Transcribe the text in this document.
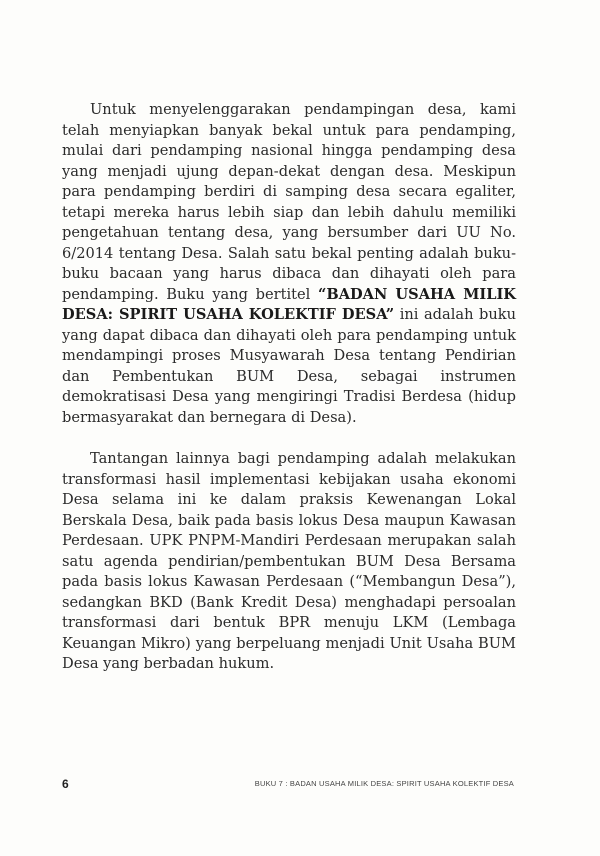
Untuk menyelenggarakan pendampingan desa, kami telah menyiapkan banyak bekal untuk para pendamping, mulai dari pendamping nasional hingga pendamping desa yang menjadi ujung depan-dekat dengan desa. Meskipun para pendamping berdiri di samping desa secara egaliter, tetapi mereka harus lebih siap dan lebih dahulu memiliki pengetahuan tentang desa, yang bersumber dari UU No. 6/2014 tentang Desa. Salah satu bekal penting adalah buku-buku bacaan yang harus dibaca dan dihayati oleh para pendamping. Buku yang bertitel “BADAN USAHA MILIK DESA: SPIRIT USAHA KOLEKTIF DESA” ini adalah buku yang dapat dibaca dan dihayati oleh para pendamping untuk mendampingi proses Musyawarah Desa tentang Pendirian dan Pembentukan BUM Desa, sebagai instrumen demokratisasi Desa yang mengiringi Tradisi Berdesa (hidup bermasyarakat dan bernegara di Desa).

Tantangan lainnya bagi pendamping adalah melakukan transformasi hasil implementasi kebijakan usaha ekonomi Desa selama ini ke dalam praksis Kewenangan Lokal Berskala Desa, baik pada basis lokus Desa maupun Kawasan Perdesaan. UPK PNPM-Mandiri Perdesaan merupakan salah satu agenda pendirian/pembentukan BUM Desa Bersama pada basis lokus Kawasan Perdesaan (“Membangun Desa”), sedangkan BKD (Bank Kredit Desa) menghadapi persoalan transformasi dari bentuk BPR menuju LKM (Lembaga Keuangan Mikro) yang berpeluang menjadi Unit Usaha BUM Desa yang berbadan hukum.

6	BUKU 7 : BADAN USAHA MILIK DESA: SPIRIT USAHA KOLEKTIF DESA
